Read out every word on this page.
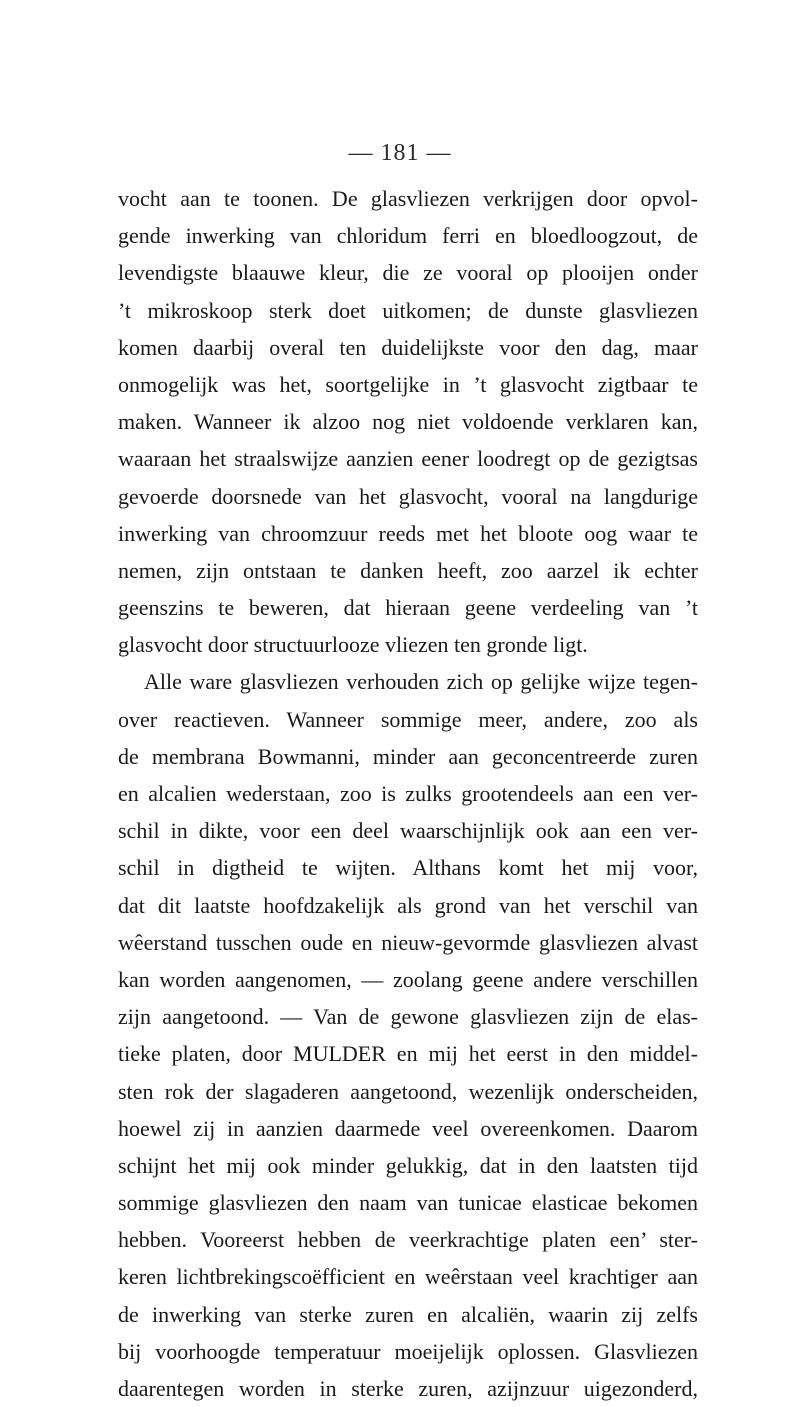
— 181 —
vocht aan te toonen. De glasvliezen verkrijgen door opvol-
gende inwerking van chloridum ferri en bloedloogzout, de
levendigste blaauwe kleur, die ze vooral op plooijen onder
’t mikroskoop sterk doet uitkomen; de dunste glasvliezen
komen daarbij overal ten duidelijkste voor den dag, maar
onmogelijk was het, soortgelijke in ’t glasvocht zigtbaar te
maken. Wanneer ik alzoo nog niet voldoende verklaren kan,
waaraan het straalswijze aanzien eener loodregt op de gezigtsas
gevoerde doorsnede van het glasvocht, vooral na langdurige
inwerking van chroomzuur reeds met het bloote oog waar te
nemen, zijn ontstaan te danken heeft, zoo aarzel ik echter
geenszins te beweren, dat hieraan geene verdeeling van ’t
glasvocht door structuurlooze vliezen ten gronde ligt.
Alle ware glasvliezen verhouden zich op gelijke wijze tegen-
over reactieven. Wanneer sommige meer, andere, zoo als
de membrana Bowmanni, minder aan geconcentreerde zuren
en alcalien wederstaan, zoo is zulks grootendeels aan een ver-
schil in dikte, voor een deel waarschijnlijk ook aan een ver-
schil in digtheid te wijten. Althans komt het mij voor,
dat dit laatste hoofdzakelijk als grond van het verschil van
wêerstand tusschen oude en nieuw-gevormde glasvliezen alvast
kan worden aangenomen, — zoolang geene andere verschillen
zijn aangetoond. — Van de gewone glasvliezen zijn de elas-
tieke platen, door MULDER en mij het eerst in den middel-
sten rok der slagaderen aangetoond, wezenlijk onderscheiden,
hoewel zij in aanzien daarmede veel overeenkomen. Daarom
schijnt het mij ook minder gelukkig, dat in den laatsten tijd
sommige glasvliezen den naam van tunicae elasticae bekomen
hebben. Vooreerst hebben de veerkrachtige platen een’ ster-
keren lichtbrekingscoëfficient en weêrstaan veel krachtiger aan
de inwerking van sterke zuren en alcaliën, waarin zij zelfs
bij voorhoogde temperatuur moeijelijk oplossen. Glasvliezen
daarentegen worden in sterke zuren, azijnzuur uigezonderd,
